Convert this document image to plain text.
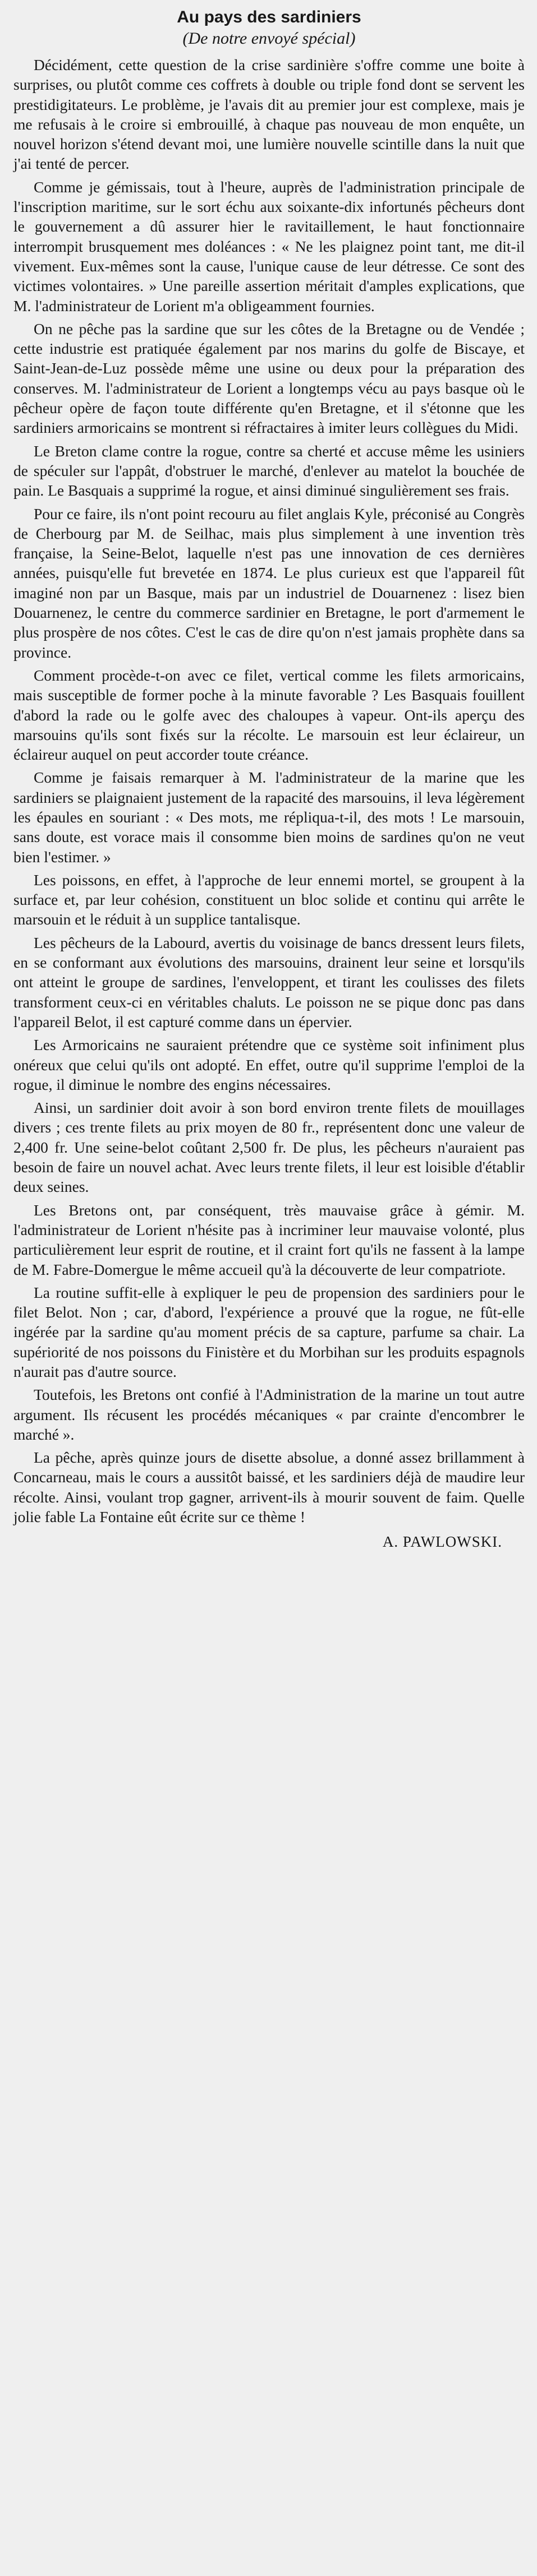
Au pays des sardiniers
(De notre envoyé spécial)

Décidément, cette question de la crise sardinière s'offre comme une boite à surprises, ou plutôt comme ces coffrets à double ou triple fond dont se servent les prestidigitateurs. Le problème, je l'avais dit au premier jour est complexe, mais je me refusais à le croire si embrouillé, à chaque pas nouveau de mon enquête, un nouvel horizon s'étend devant moi, une lumière nouvelle scintille dans la nuit que j'ai tenté de percer.

Comme je gémissais, tout à l'heure, auprès de l'administration principale de l'inscription maritime, sur le sort échu aux soixante-dix infortunés pêcheurs dont le gouvernement a dû assurer hier le ravitaillement, le haut fonctionnaire interrompit brusquement mes doléances : « Ne les plaignez point tant, me dit-il vivement. Eux-mêmes sont la cause, l'unique cause de leur détresse. Ce sont des victimes volontaires. » Une pareille assertion méritait d'amples explications, que M. l'administrateur de Lorient m'a obligeamment fournies.

On ne pêche pas la sardine que sur les côtes de la Bretagne ou de Vendée ; cette industrie est pratiquée également par nos marins du golfe de Biscaye, et Saint-Jean-de-Luz possède même une usine ou deux pour la préparation des conserves. M. l'administrateur de Lorient a longtemps vécu au pays basque où le pêcheur opère de façon toute différente qu'en Bretagne, et il s'étonne que les sardiniers armoricains se montrent si réfractaires à imiter leurs collègues du Midi.

Le Breton clame contre la rogue, contre sa cherté et accuse même les usiniers de spéculer sur l'appât, d'obstruer le marché, d'enlever au matelot la bouchée de pain. Le Basquais a supprimé la rogue, et ainsi diminué singulièrement ses frais.

Pour ce faire, ils n'ont point recouru au filet anglais Kyle, préconisé au Congrès de Cherbourg par M. de Seilhac, mais plus simplement à une invention très française, la Seine-Belot, laquelle n'est pas une innovation de ces dernières années, puisqu'elle fut brevetée en 1874. Le plus curieux est que l'appareil fût imaginé non par un Basque, mais par un industriel de Douarnenez : lisez bien Douarnenez, le centre du commerce sardinier en Bretagne, le port d'armement le plus prospère de nos côtes. C'est le cas de dire qu'on n'est jamais prophète dans sa province.

Comment procède-t-on avec ce filet, vertical comme les filets armoricains, mais susceptible de former poche à la minute favorable ? Les Basquais fouillent d'abord la rade ou le golfe avec des chaloupes à vapeur. Ont-ils aperçu des marsouins qu'ils sont fixés sur la récolte. Le marsouin est leur éclaireur, un éclaireur auquel on peut accorder toute créance.

Comme je faisais remarquer à M. l'administrateur de la marine que les sardiniers se plaignaient justement de la rapacité des marsouins, il leva légèrement les épaules en souriant : « Des mots, me répliqua-t-il, des mots ! Le marsouin, sans doute, est vorace mais il consomme bien moins de sardines qu'on ne veut bien l'estimer. »

Les poissons, en effet, à l'approche de leur ennemi mortel, se groupent à la surface et, par leur cohésion, constituent un bloc solide et continu qui arrête le marsouin et le réduit à un supplice tantalisque.

Les pêcheurs de la Labourd, avertis du voisinage de bancs dressent leurs filets, en se conformant aux évolutions des marsouins, drainent leur seine et lorsqu'ils ont atteint le groupe de sardines, l'enveloppent, et tirant les coulisses des filets transforment ceux-ci en véritables chaluts. Le poisson ne se pique donc pas dans l'appareil Belot, il est capturé comme dans un épervier.

Les Armoricains ne sauraient prétendre que ce système soit infiniment plus onéreux que celui qu'ils ont adopté. En effet, outre qu'il supprime l'emploi de la rogue, il diminue le nombre des engins nécessaires.

Ainsi, un sardinier doit avoir à son bord environ trente filets de mouillages divers ; ces trente filets au prix moyen de 80 fr., représentent donc une valeur de 2,400 fr. Une seine-belot coûtant 2,500 fr. De plus, les pêcheurs n'auraient pas besoin de faire un nouvel achat. Avec leurs trente filets, il leur est loisible d'établir deux seines.

Les Bretons ont, par conséquent, très mauvaise grâce à gémir. M. l'administrateur de Lorient n'hésite pas à incriminer leur mauvaise volonté, plus particulièrement leur esprit de routine, et il craint fort qu'ils ne fassent à la lampe de M. Fabre-Domergue le même accueil qu'à la découverte de leur compatriote.

La routine suffit-elle à expliquer le peu de propension des sardiniers pour le filet Belot. Non ; car, d'abord, l'expérience a prouvé que la rogue, ne fût-elle ingérée par la sardine qu'au moment précis de sa capture, parfume sa chair. La supériorité de nos poissons du Finistère et du Morbihan sur les produits espagnols n'aurait pas d'autre source.

Toutefois, les Bretons ont confié à l'Administration de la marine un tout autre argument. Ils récusent les procédés mécaniques « par crainte d'encombrer le marché ».

La pêche, après quinze jours de disette absolue, a donné assez brillamment à Concarneau, mais le cours a aussitôt baissé, et les sardiniers déjà de maudire leur récolte. Ainsi, voulant trop gagner, arrivent-ils à mourir souvent de faim. Quelle jolie fable La Fontaine eût écrite sur ce thème !

A. PAWLOWSKI.
